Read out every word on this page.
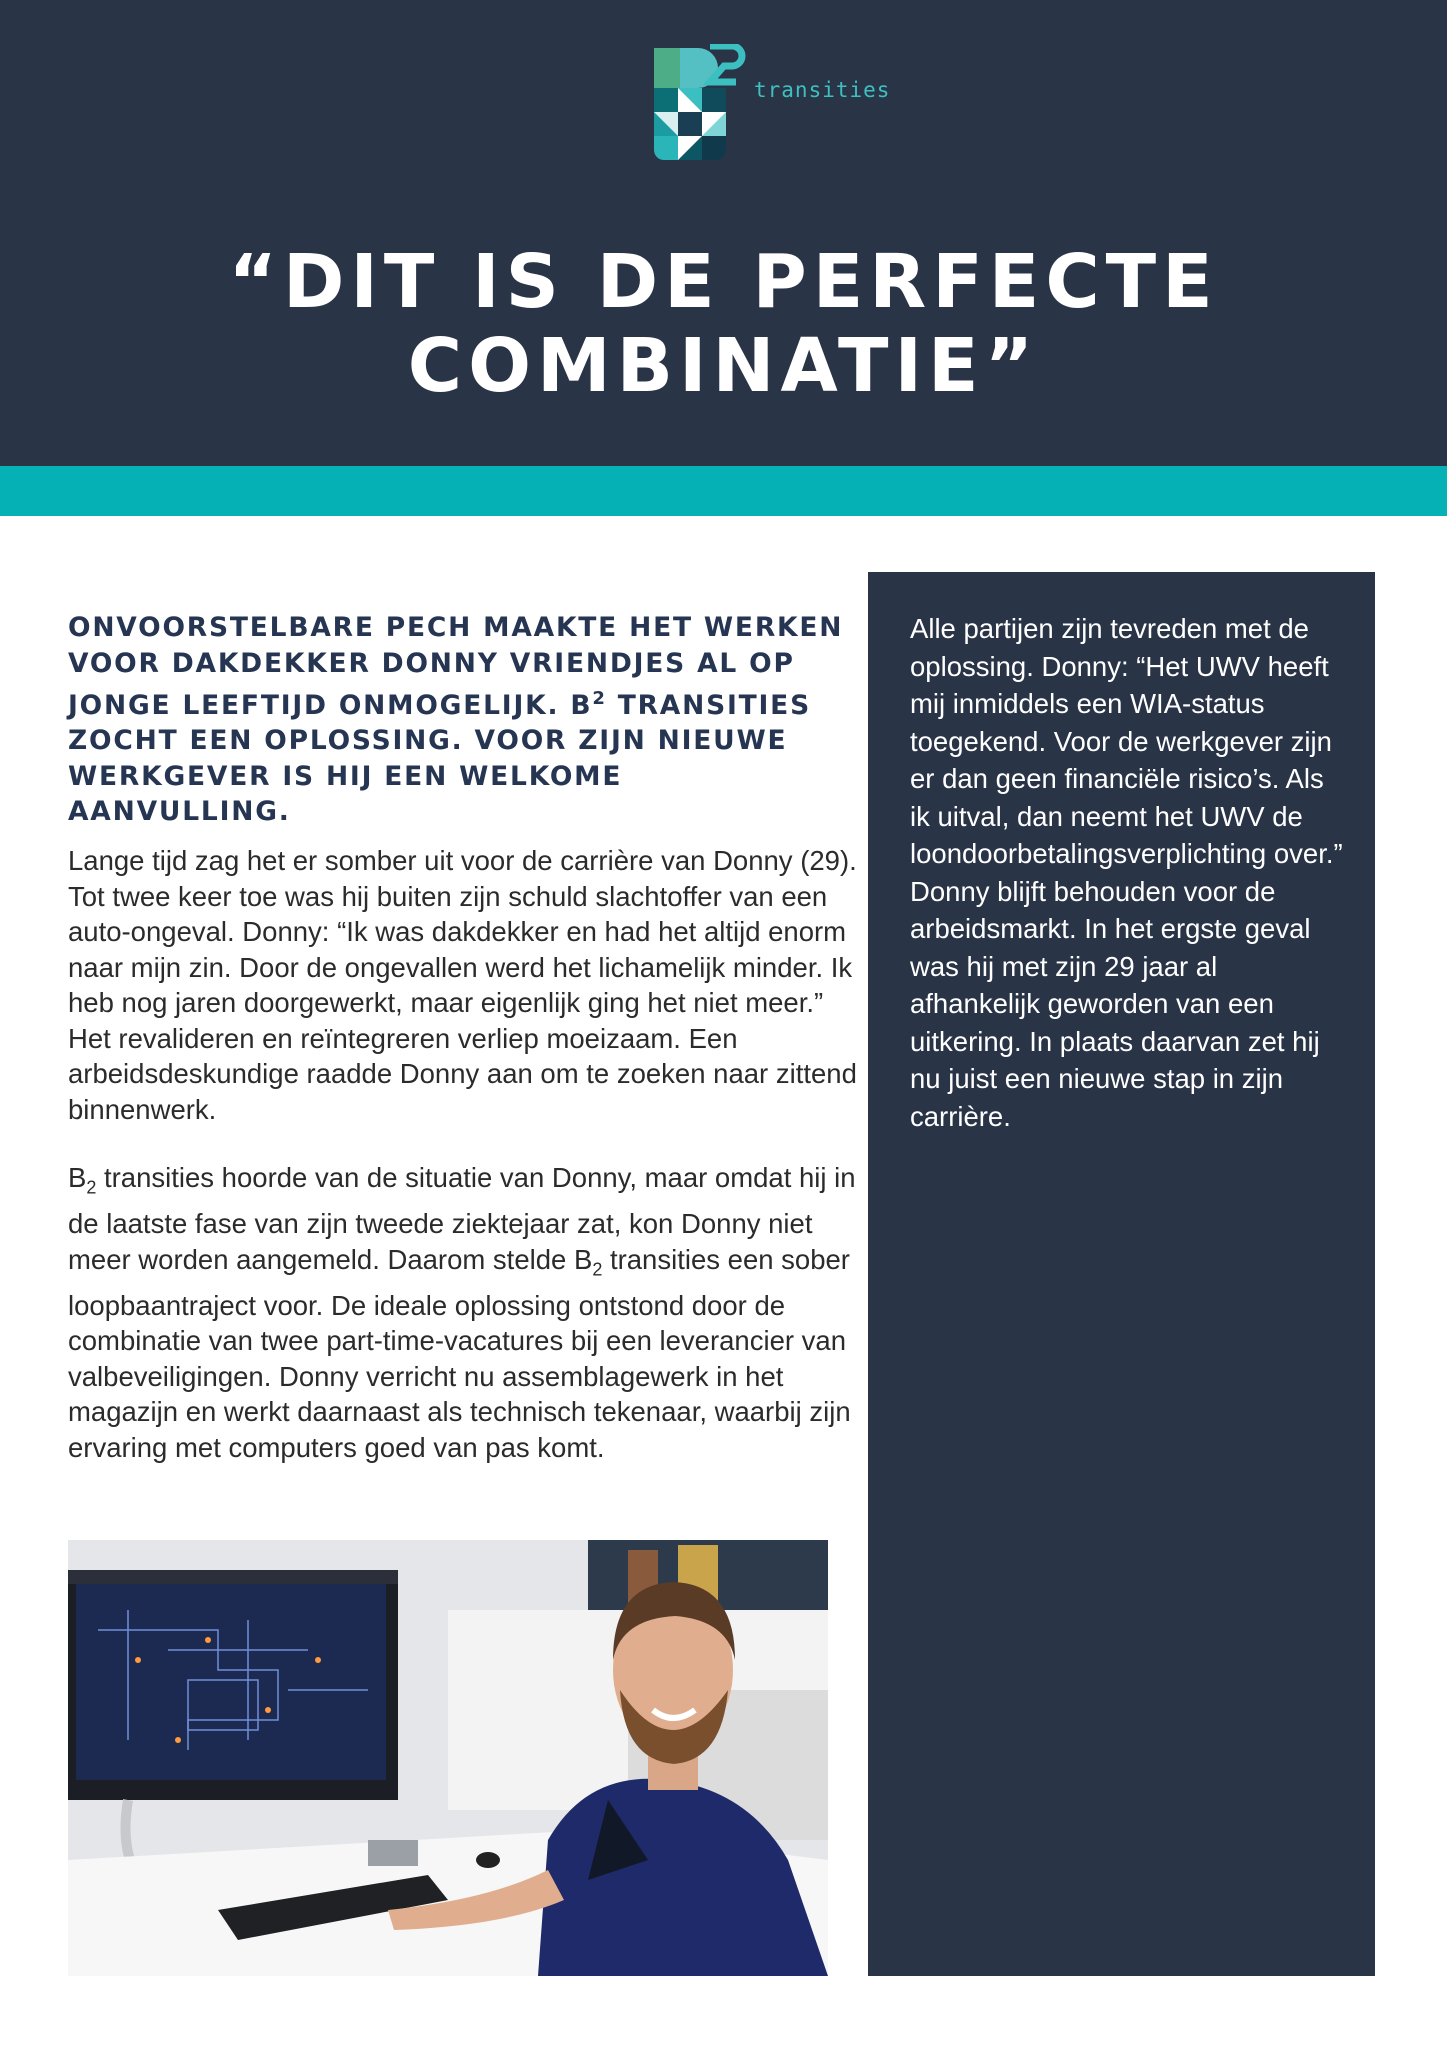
transities
“DIT IS DE PERFECTE COMBINATIE”
ONVOORSTELBARE PECH MAAKTE HET WERKEN VOOR DAKDEKKER DONNY VRIENDJES AL OP JONGE LEEFTIJD ONMOGELIJK. $B^2$ TRANSITIES ZOCHT EEN OPLOSSING. VOOR ZIJN NIEUWE WERKGEVER IS HIJ EEN WELKOME AANVULLING.
Lange tijd zag het er somber uit voor de carrière van Donny (29). Tot twee keer toe was hij buiten zijn schuld slachtoffer van een auto-ongeval. Donny: “Ik was dakdekker en had het altijd enorm naar mijn zin. Door de ongevallen werd het lichamelijk minder. Ik heb nog jaren doorgewerkt, maar eigenlijk ging het niet meer.” Het revalideren en reïntegreren verliep moeizaam. Een arbeidsdeskundige raadde Donny aan om te zoeken naar zittend binnenwerk.
$B_2$ transities hoorde van de situatie van Donny, maar omdat hij in de laatste fase van zijn tweede ziektejaar zat, kon Donny niet meer worden aangemeld. Daarom stelde $B_2$ transities een sober loopbaantraject voor. De ideale oplossing ontstond door de combinatie van twee part-time-vacatures bij een leverancier van valbeveiligingen. Donny verricht nu assemblagewerk in het magazijn en werkt daarnaast als technisch tekenaar, waarbij zijn ervaring met computers goed van pas komt.
Alle partijen zijn tevreden met de oplossing. Donny: “Het UWV heeft mij inmiddels een WIA-status toegekend. Voor de werkgever zijn er dan geen financiële risico’s. Als ik uitval, dan neemt het UWV de loondoorbetalingsverplichting over.” Donny blijft behouden voor de arbeidsmarkt. In het ergste geval was hij met zijn 29 jaar al afhankelijk geworden van een uitkering. In plaats daarvan zet hij nu juist een nieuwe stap in zijn carrière.
